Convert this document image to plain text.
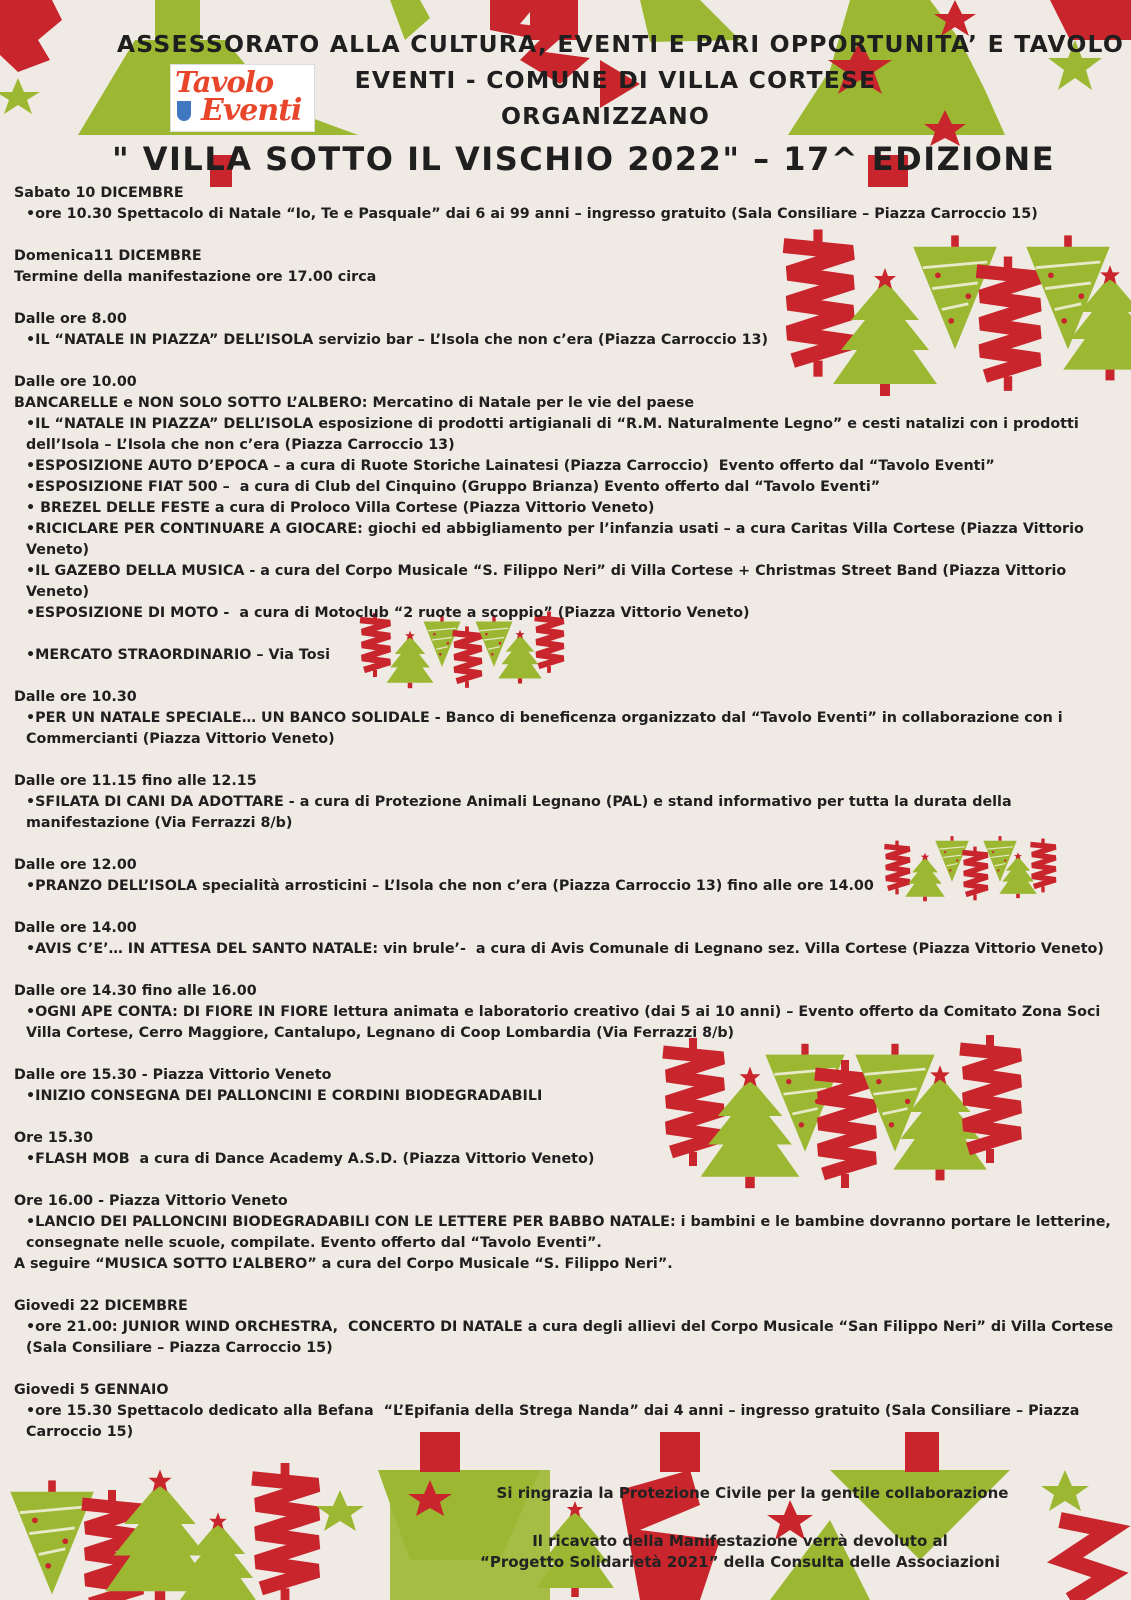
Tavolo
Eventi
ASSESSORATO ALLA CULTURA, EVENTI E PARI OPPORTUNITA’ E TAVOLO
EVENTI - COMUNE DI VILLA CORTESE
ORGANIZZANO
" VILLA SOTTO IL VISCHIO 2022" – 17^ EDIZIONE
Sabato 10 DICEMBRE
• ore 10.30 Spettacolo di Natale “Io, Te e Pasquale” dai 6 ai 99 anni – ingresso gratuito (Sala Consiliare – Piazza Carroccio 15)
Domenica11 DICEMBRE
Termine della manifestazione ore 17.00 circa
Dalle ore 8.00
• IL “NATALE IN PIAZZA” DELL’ISOLA servizio bar – L’Isola che non c’era (Piazza Carroccio 13)
Dalle ore 10.00
BANCARELLE e NON SOLO SOTTO L’ALBERO: Mercatino di Natale per le vie del paese
• IL “NATALE IN PIAZZA” DELL’ISOLA esposizione di prodotti artigianali di “R.M. Naturalmente Legno” e cesti natalizi con i prodotti dell’Isola – L’Isola che non c’era (Piazza Carroccio 13)
• ESPOSIZIONE AUTO D’EPOCA – a cura di Ruote Storiche Lainatesi (Piazza Carroccio)  Evento offerto dal “Tavolo Eventi”
• ESPOSIZIONE FIAT 500 –  a cura di Club del Cinquino (Gruppo Brianza) Evento offerto dal “Tavolo Eventi”
•  BREZEL DELLE FESTE a cura di Proloco Villa Cortese (Piazza Vittorio Veneto)
• RICICLARE PER CONTINUARE A GIOCARE: giochi ed abbigliamento per l’infanzia usati – a cura Caritas Villa Cortese (Piazza Vittorio Veneto)
• IL GAZEBO DELLA MUSICA - a cura del Corpo Musicale “S. Filippo Neri” di Villa Cortese + Christmas Street Band (Piazza Vittorio Veneto)
• ESPOSIZIONE DI MOTO -  a cura di Motoclub “2 ruote a scoppio” (Piazza Vittorio Veneto)
• MERCATO STRAORDINARIO – Via Tosi
Dalle ore 10.30
• PER UN NATALE SPECIALE… UN BANCO SOLIDALE - Banco di beneficenza organizzato dal “Tavolo Eventi” in collaborazione con i Commercianti (Piazza Vittorio Veneto)
Dalle ore 11.15 fino alle 12.15
• SFILATA DI CANI DA ADOTTARE - a cura di Protezione Animali Legnano (PAL) e stand informativo per tutta la durata della manifestazione (Via Ferrazzi 8/b)
Dalle ore 12.00
• PRANZO DELL’ISOLA specialità arrosticini – L’Isola che non c’era (Piazza Carroccio 13) fino alle ore 14.00
Dalle ore 14.00
• AVIS C’E’… IN ATTESA DEL SANTO NATALE: vin brule’-  a cura di Avis Comunale di Legnano sez. Villa Cortese (Piazza Vittorio Veneto)
Dalle ore 14.30 fino alle 16.00
• OGNI APE CONTA: DI FIORE IN FIORE lettura animata e laboratorio creativo (dai 5 ai 10 anni) – Evento offerto da Comitato Zona Soci Villa Cortese, Cerro Maggiore, Cantalupo, Legnano di Coop Lombardia (Via Ferrazzi 8/b)
Dalle ore 15.30 - Piazza Vittorio Veneto
• INIZIO CONSEGNA DEI PALLONCINI E CORDINI BIODEGRADABILI
Ore 15.30
• FLASH MOB  a cura di Dance Academy A.S.D. (Piazza Vittorio Veneto)
Ore 16.00 - Piazza Vittorio Veneto
• LANCIO DEI PALLONCINI BIODEGRADABILI CON LE LETTERE PER BABBO NATALE: i bambini e le bambine dovranno portare le letterine, consegnate nelle scuole, compilate. Evento offerto dal “Tavolo Eventi”.
A seguire “MUSICA SOTTO L’ALBERO” a cura del Corpo Musicale “S. Filippo Neri”.
Giovedi 22 DICEMBRE
• ore 21.00: JUNIOR WIND ORCHESTRA,  CONCERTO DI NATALE a cura degli allievi del Corpo Musicale “San Filippo Neri” di Villa Cortese (Sala Consiliare – Piazza Carroccio 15)
Giovedi 5 GENNAIO
• ore 15.30 Spettacolo dedicato alla Befana  “L’Epifania della Strega Nanda” dai 4 anni – ingresso gratuito (Sala Consiliare – Piazza Carroccio 15)
Si ringrazia la Protezione Civile per la gentile collaborazione
Il ricavato della Manifestazione verrà devoluto al
“Progetto Solidarietà 2021” della Consulta delle Associazioni
